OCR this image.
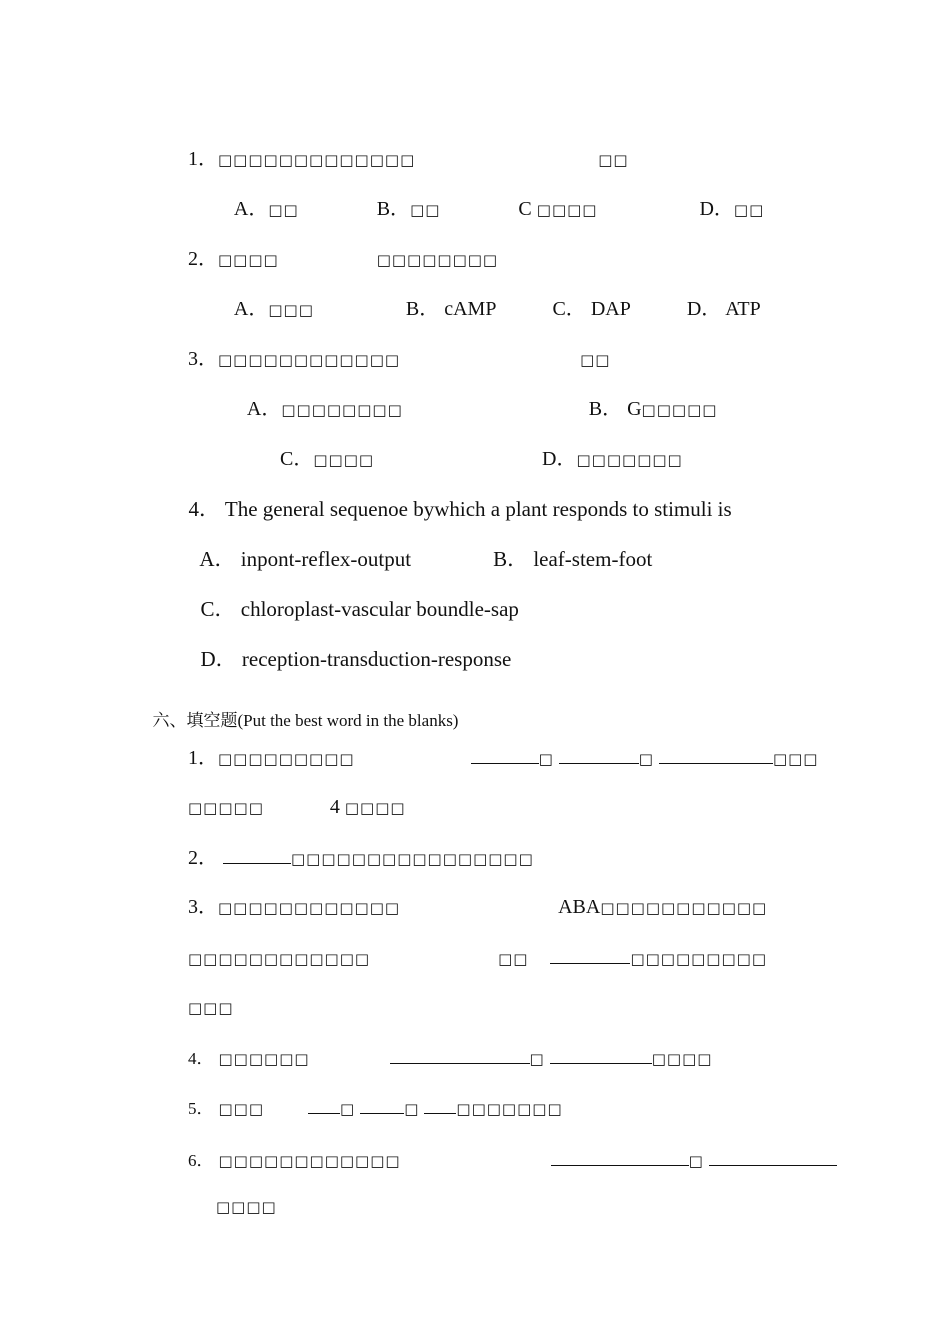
1．□□□□□□□□□□□□□	□□

A．□□	B．□□	C □□□□	D．□□

2．□□□□	□□□□□□□□

A．□□□	B． cAMP	C． DAP	D． ATP

3．□□□□□□□□□□□□	□□

A．□□□□□□□□	B． G□□□□□

C．□□□□	D．□□□□□□□

4． The general sequenoe bywhich a plant responds to stimuli is

A． inpont-reflex-output	B． leaf-stem-foot

C． chloroplast-vascular boundle-sap

D． reception-transduction-response

六、填空题(Put the best word in the blanks)

1．□□□□□□□□□	□	□	□□□

□□□□□	4 □□□□

2．	□□□□□□□□□□□□□□□□

3．□□□□□□□□□□□□	ABA□□□□□□□□□□□

□□□□□□□□□□□□	□□	□□□□□□□□□

□□□

4． □□□□□□	□	□□□□

5． □□□	□	□ □□□□□□□

6． □□□□□□□□□□□□	□

□□□□
